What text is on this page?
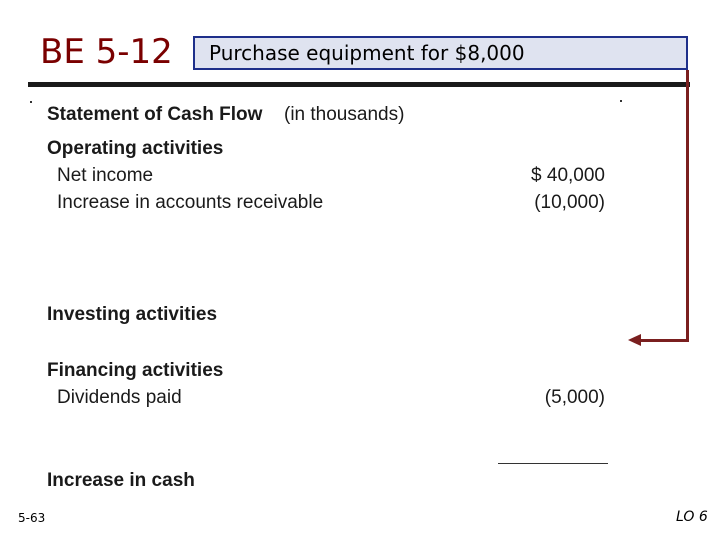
BE 5-12 Purchase equipment for $8,000
Statement of Cash Flow (in thousands)
Operating activities
Net income	$ 40,000
Increase in accounts receivable	(10,000)
Investing activities
Financing activities
Dividends paid	(5,000)
Increase in cash
5-63	LO 6
